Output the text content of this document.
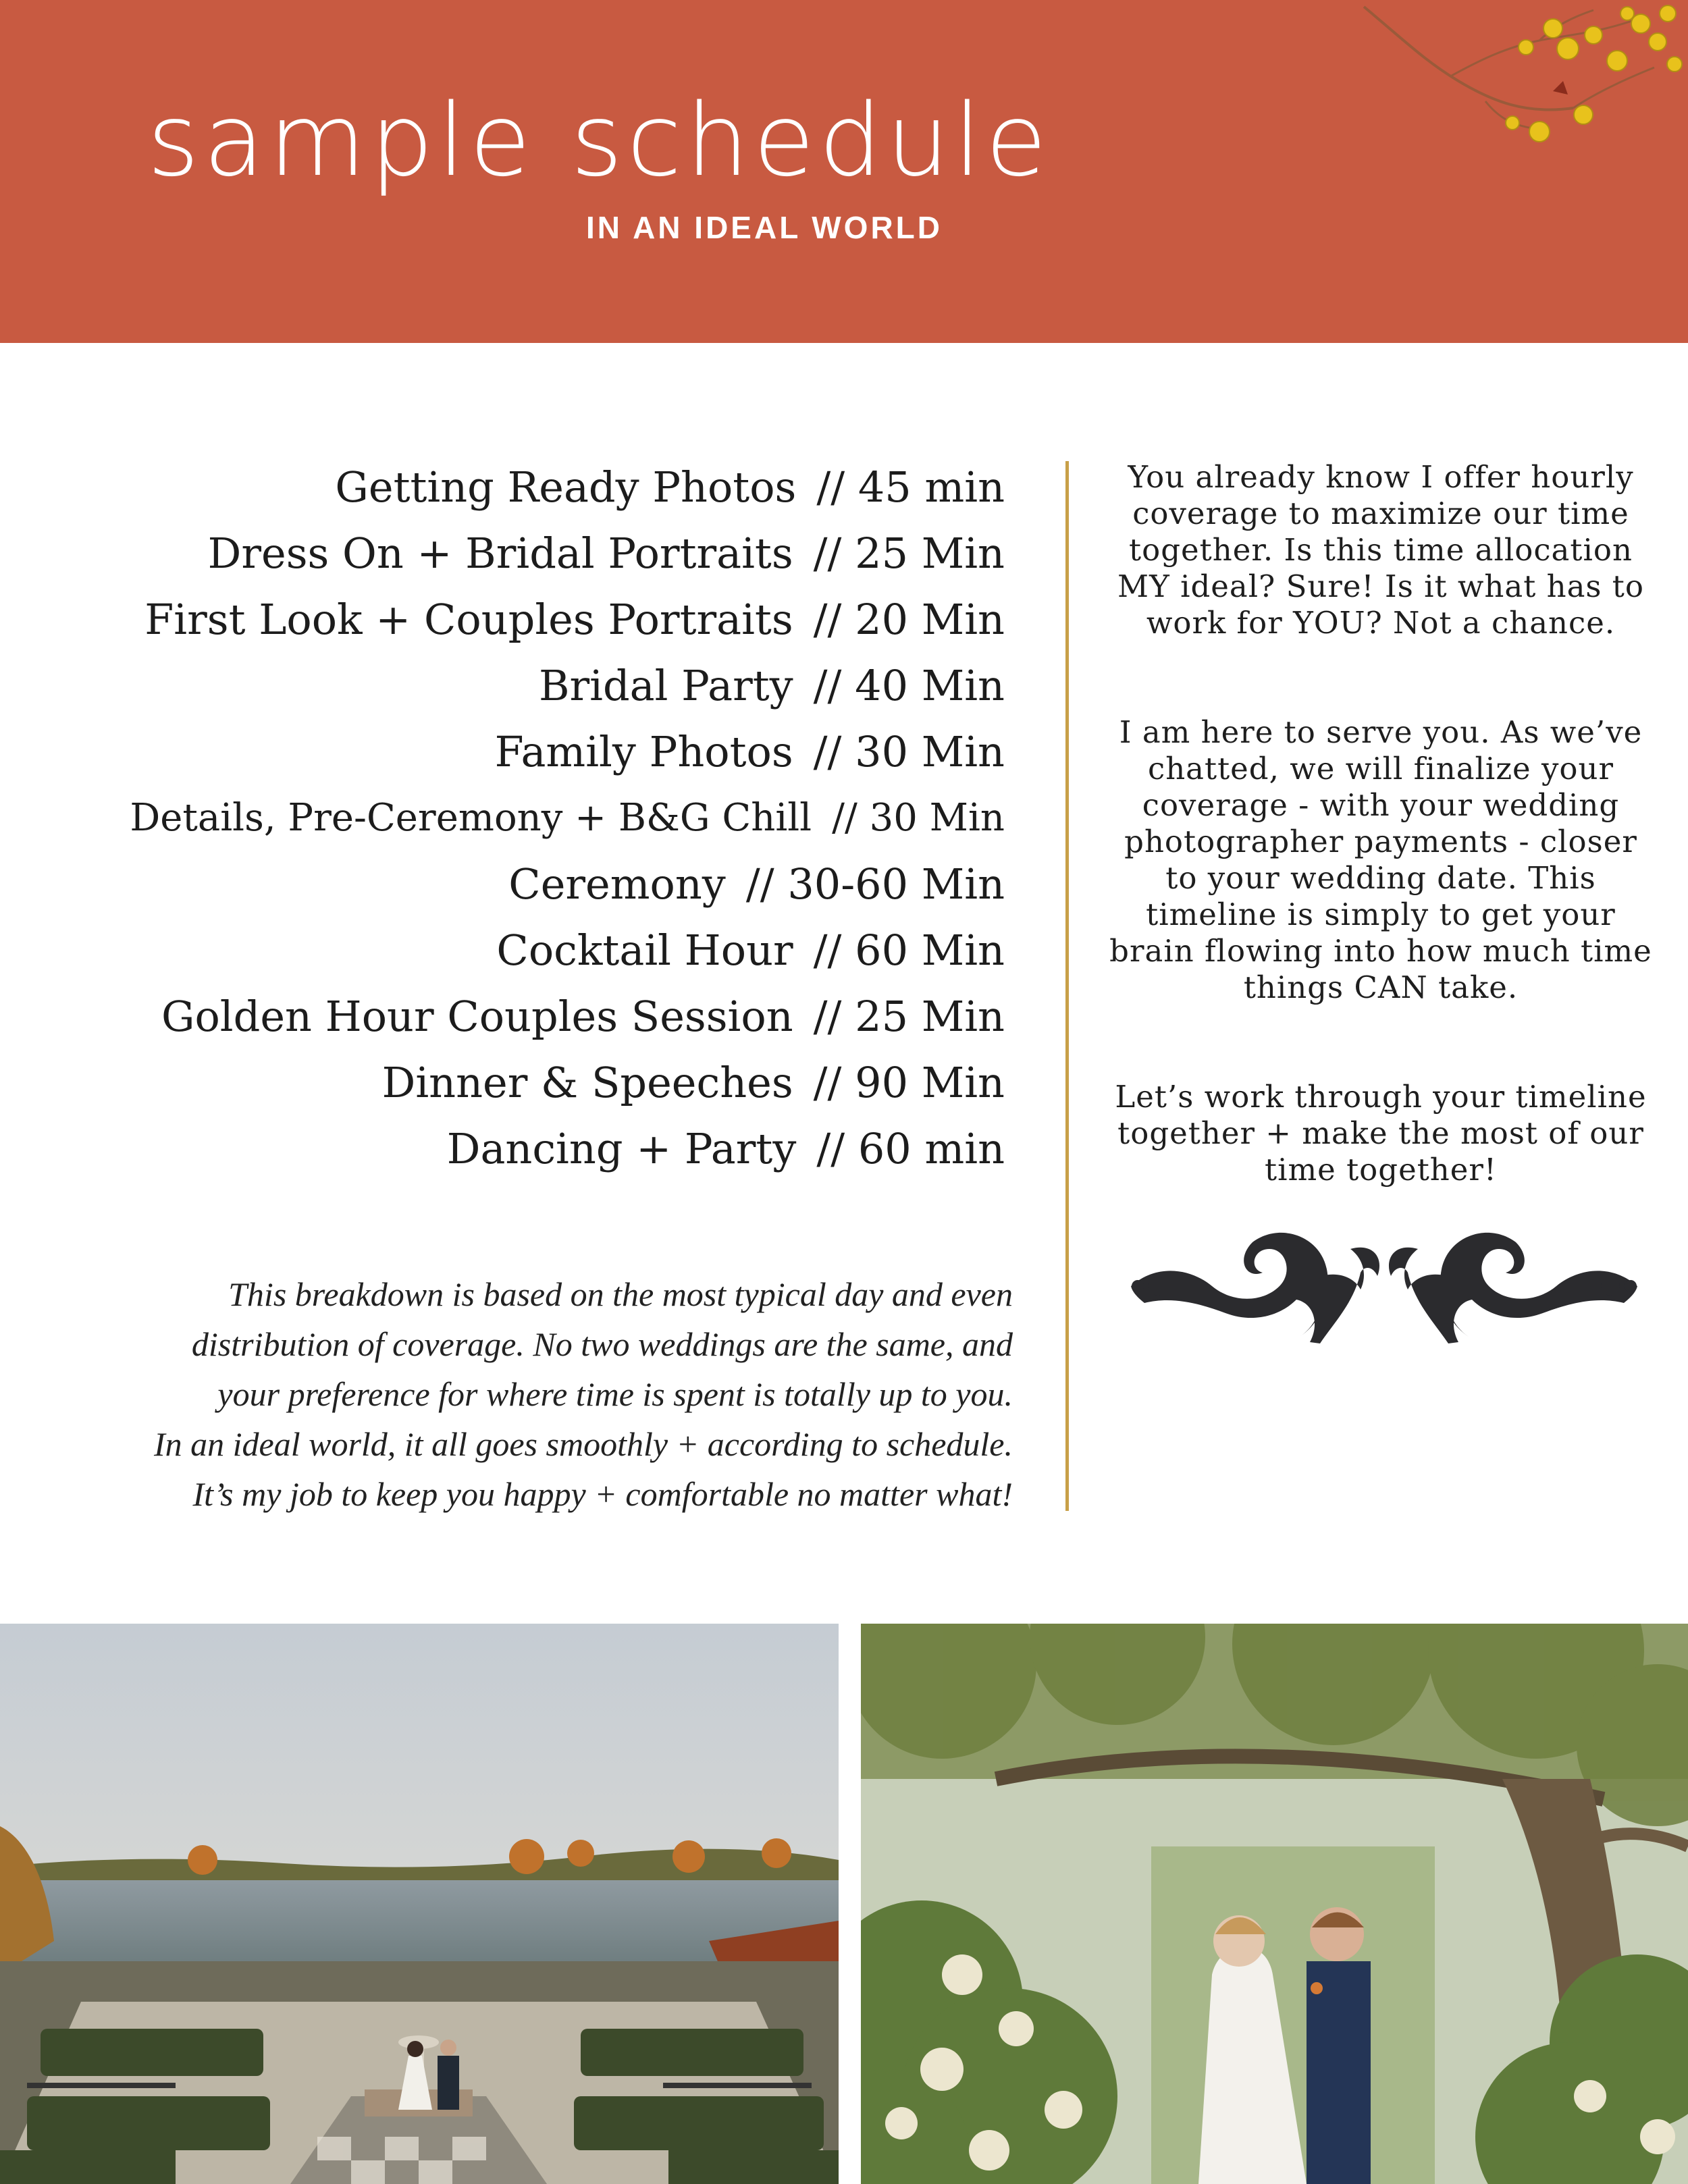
sample schedule

IN AN IDEAL WORLD

Getting Ready Photos // 45 min
Dress On + Bridal Portraits // 25 Min
First Look + Couples Portraits // 20 Min
Bridal Party // 40 Min
Family Photos // 30 Min
Details, Pre-Ceremony + B&G Chill // 30 Min
Ceremony // 30-60 Min
Cocktail Hour // 60 Min
Golden Hour Couples Session // 25 Min
Dinner & Speeches // 90 Min
Dancing + Party // 60 min
This breakdown is based on the most typical day and even
distribution of coverage. No two weddings are the same, and
your preference for where time is spent is totally up to you.
In an ideal world, it all goes smoothly + according to schedule.
It’s my job to keep you happy + comfortable no matter what!

You already know I offer hourly coverage to maximize our time together. Is this time allocation MY ideal? Sure! Is it what has to work for YOU? Not a chance.

I am here to serve you. As we’ve chatted, we will finalize your coverage - with your wedding photographer payments - closer to your wedding date. This timeline is simply to get your brain flowing into how much time things CAN take.

Let’s work through your timeline together + make the most of our time together!
